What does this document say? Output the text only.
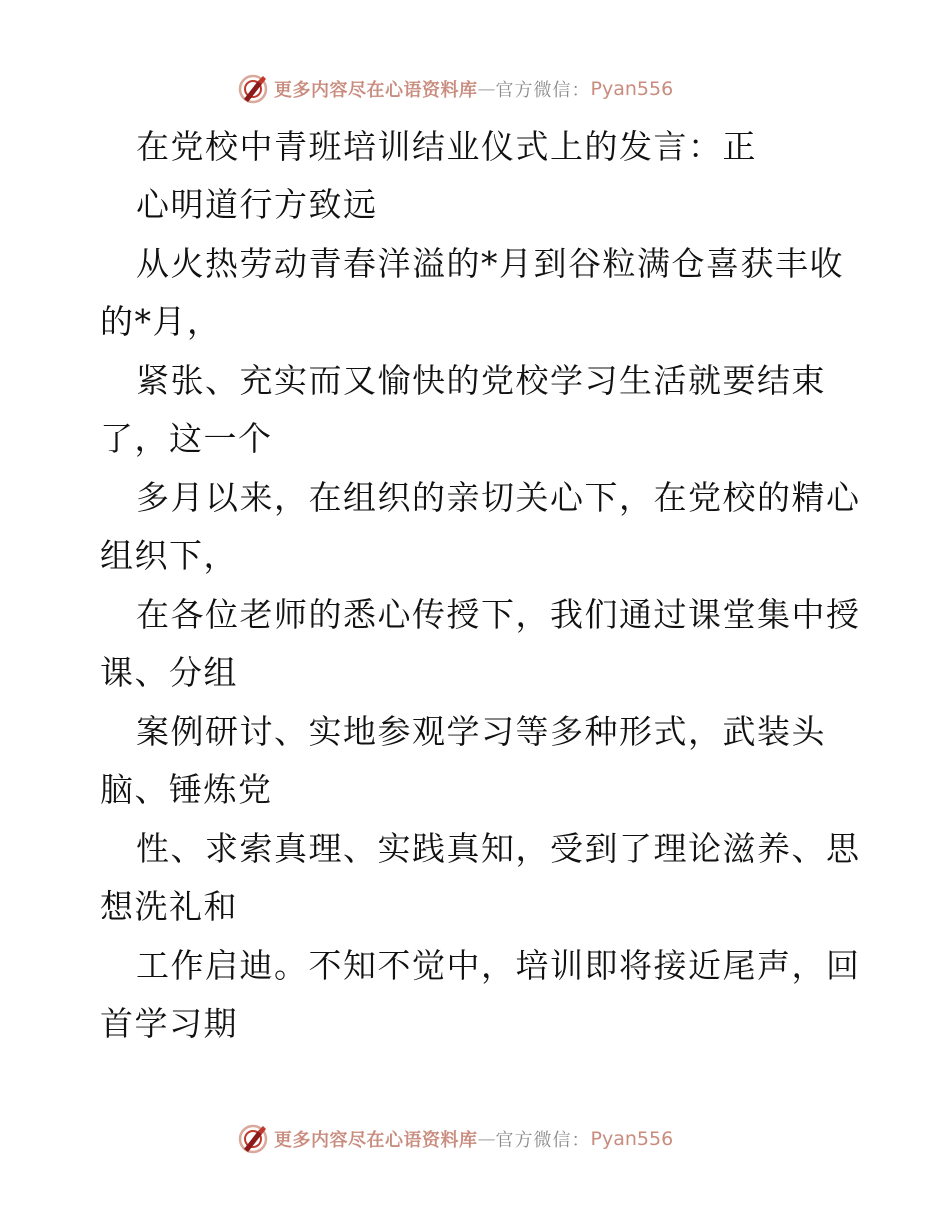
更多内容尽在心语资料库 — 官方微信： Pyan556
在党校中青班培训结业仪式上的发言：正
心明道行方致远
从火热劳动青春洋溢的*月到谷粒满仓喜获丰收
的*月，
紧张、充实而又愉快的党校学习生活就要结束
了，这一个
多月以来，在组织的亲切关心下，在党校的精心
组织下，
在各位老师的悉心传授下，我们通过课堂集中授
课、分组
案例研讨、实地参观学习等多种形式，武装头
脑、锤炼党
性、求索真理、实践真知，受到了理论滋养、思
想洗礼和
工作启迪。不知不觉中，培训即将接近尾声，回
首学习期
更多内容尽在心语资料库 — 官方微信： Pyan556
